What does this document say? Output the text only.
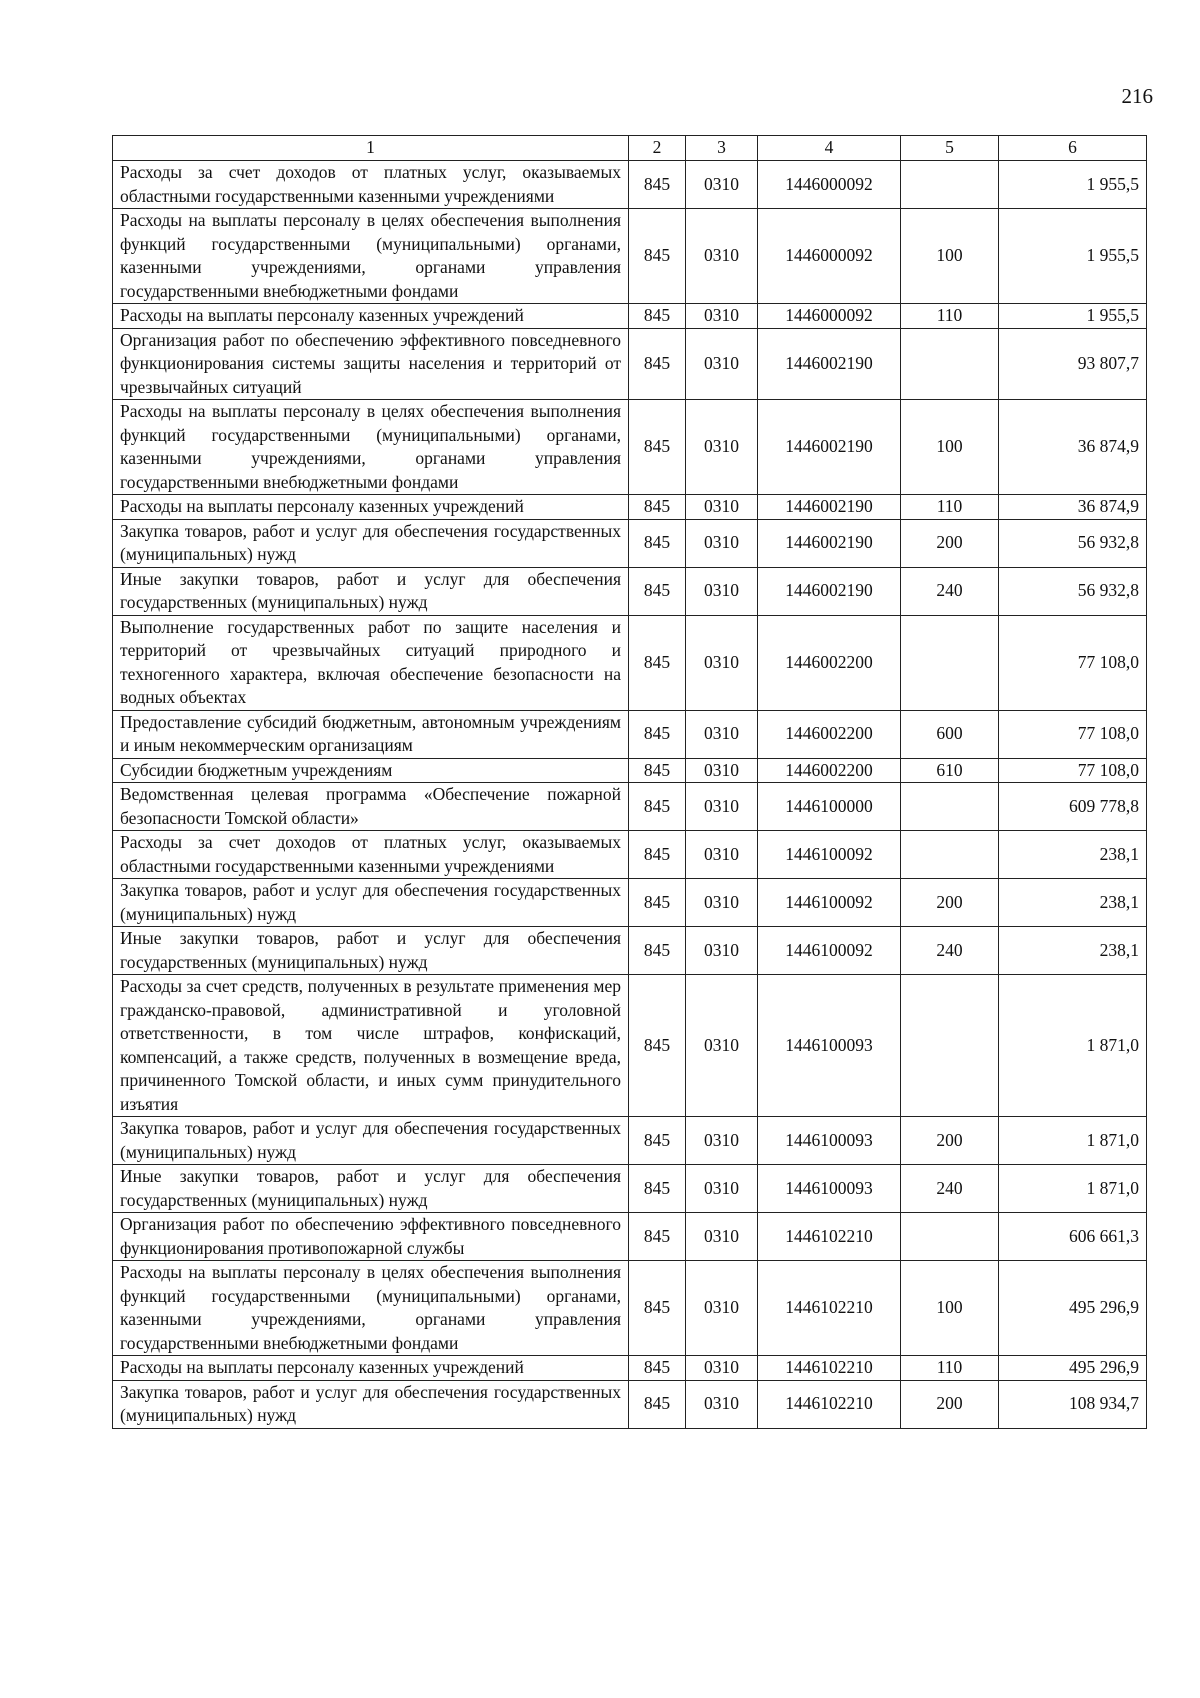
216
1	2	3	4	5	6
Расходы за счет доходов от платных услуг, оказываемых областными государственными казенными учреждениями	845	0310	1446000092		1 955,5
Расходы на выплаты персоналу в целях обеспечения выполнения функций государственными (муниципальными) органами, казенными учреждениями, органами управления государственными внебюджетными фондами	845	0310	1446000092	100	1 955,5
Расходы на выплаты персоналу казенных учреждений	845	0310	1446000092	110	1 955,5
Организация работ по обеспечению эффективного повседневного функционирования системы защиты населения и территорий от чрезвычайных ситуаций	845	0310	1446002190		93 807,7
Расходы на выплаты персоналу в целях обеспечения выполнения функций государственными (муниципальными) органами, казенными учреждениями, органами управления государственными внебюджетными фондами	845	0310	1446002190	100	36 874,9
Расходы на выплаты персоналу казенных учреждений	845	0310	1446002190	110	36 874,9
Закупка товаров, работ и услуг для обеспечения государственных (муниципальных) нужд	845	0310	1446002190	200	56 932,8
Иные закупки товаров, работ и услуг для обеспечения государственных (муниципальных) нужд	845	0310	1446002190	240	56 932,8
Выполнение государственных работ по защите населения и территорий от чрезвычайных ситуаций природного и техногенного характера, включая обеспечение безопасности на водных объектах	845	0310	1446002200		77 108,0
Предоставление субсидий бюджетным, автономным учреждениям и иным некоммерческим организациям	845	0310	1446002200	600	77 108,0
Субсидии бюджетным учреждениям	845	0310	1446002200	610	77 108,0
Ведомственная целевая программа «Обеспечение пожарной безопасности Томской области»	845	0310	1446100000		609 778,8
Расходы за счет доходов от платных услуг, оказываемых областными государственными казенными учреждениями	845	0310	1446100092		238,1
Закупка товаров, работ и услуг для обеспечения государственных (муниципальных) нужд	845	0310	1446100092	200	238,1
Иные закупки товаров, работ и услуг для обеспечения государственных (муниципальных) нужд	845	0310	1446100092	240	238,1
Расходы за счет средств, полученных в результате применения мер гражданско-правовой, административной и уголовной ответственности, в том числе штрафов, конфискаций, компенсаций, а также средств, полученных в возмещение вреда, причиненного Томской области, и иных сумм принудительного изъятия	845	0310	1446100093		1 871,0
Закупка товаров, работ и услуг для обеспечения государственных (муниципальных) нужд	845	0310	1446100093	200	1 871,0
Иные закупки товаров, работ и услуг для обеспечения государственных (муниципальных) нужд	845	0310	1446100093	240	1 871,0
Организация работ по обеспечению эффективного повседневного функционирования противопожарной службы	845	0310	1446102210		606 661,3
Расходы на выплаты персоналу в целях обеспечения выполнения функций государственными (муниципальными) органами, казенными учреждениями, органами управления государственными внебюджетными фондами	845	0310	1446102210	100	495 296,9
Расходы на выплаты персоналу казенных учреждений	845	0310	1446102210	110	495 296,9
Закупка товаров, работ и услуг для обеспечения государственных (муниципальных) нужд	845	0310	1446102210	200	108 934,7
